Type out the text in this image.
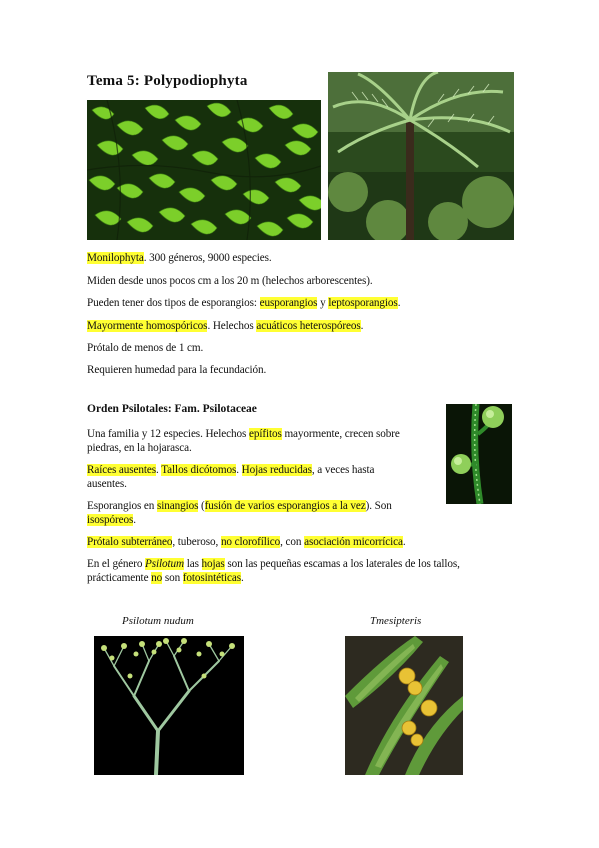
Tema 5: Polypodiophyta
Monilophyta. 300 géneros, 9000 especies.
Miden desde unos pocos cm a los 20 m (helechos arborescentes).
Pueden tener dos tipos de esporangios: eusporangios y leptosporangios.
Mayormente homospóricos. Helechos acuáticos heterospóreos.
Prótalo de menos de 1 cm.
Requieren humedad para la fecundación.
Orden Psilotales: Fam. Psilotaceae
Una familia y 12 especies. Helechos epífitos mayormente, crecen sobre
piedras, en la hojarasca.
Raíces ausentes. Tallos dicótomos. Hojas reducidas, a veces hasta
ausentes.
Esporangios en sinangios (fusión de varios esporangios a la vez). Son
isospóreos.
Prótalo subterráneo, tuberoso, no clorofílico, con asociación micorrícica.
En el género Psilotum las hojas son las pequeñas escamas a los laterales de los tallos,
prácticamente no son fotosintéticas.
Psilotum nudum	Tmesipteris
